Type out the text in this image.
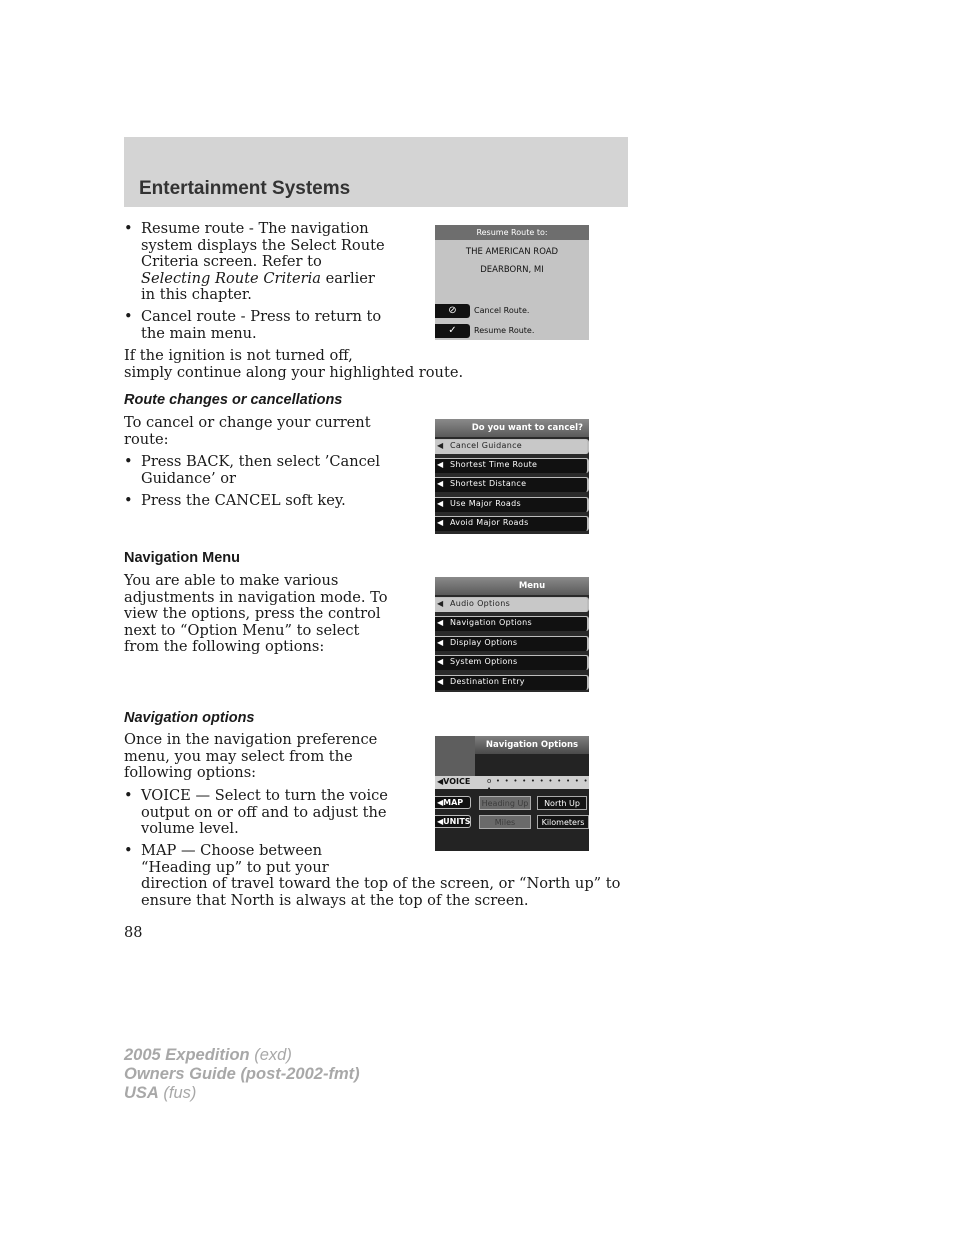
Entertainment Systems
• Resume route - The navigation
system displays the Select Route
Criteria screen. Refer to
Selecting Route Criteria earlier
in this chapter.
• Cancel route - Press to return to
the main menu.
If the ignition is not turned off,
simply continue along your highlighted route.
Resume Route to:
THE AMERICAN ROAD
DEARBORN, MI
⊘	Cancel Route.
✓	Resume Route.
Route changes or cancellations
To cancel or change your current
route:
• Press BACK, then select ’Cancel
Guidance’ or
• Press the CANCEL soft key.
Do you want to cancel?
◀ Cancel Guidance
◀ Shortest Time Route
◀ Shortest Distance
◀ Use Major Roads
◀ Avoid Major Roads
Navigation Menu
You are able to make various
adjustments in navigation mode. To
view the options, press the control
next to “Option Menu” to select
from the following options:
Menu
◀ Audio Options
◀ Navigation Options
◀ Display Options
◀ System Options
◀ Destination Entry
Navigation options
Once in the navigation preference
menu, you may select from the
following options:
• VOICE — Select to turn the voice
output on or off and to adjust the
volume level.
• MAP — Choose between
“Heading up” to put your
direction of travel toward the top of the screen, or “North up” to
ensure that North is always at the top of the screen.
Navigation Options
◀VOICE o • • • • • • • • • • • •
◀MAP	Heading Up	North Up
◀UNITS	Miles	Kilometers
88
2005 Expedition (exd)
Owners Guide (post-2002-fmt)
USA (fus)
